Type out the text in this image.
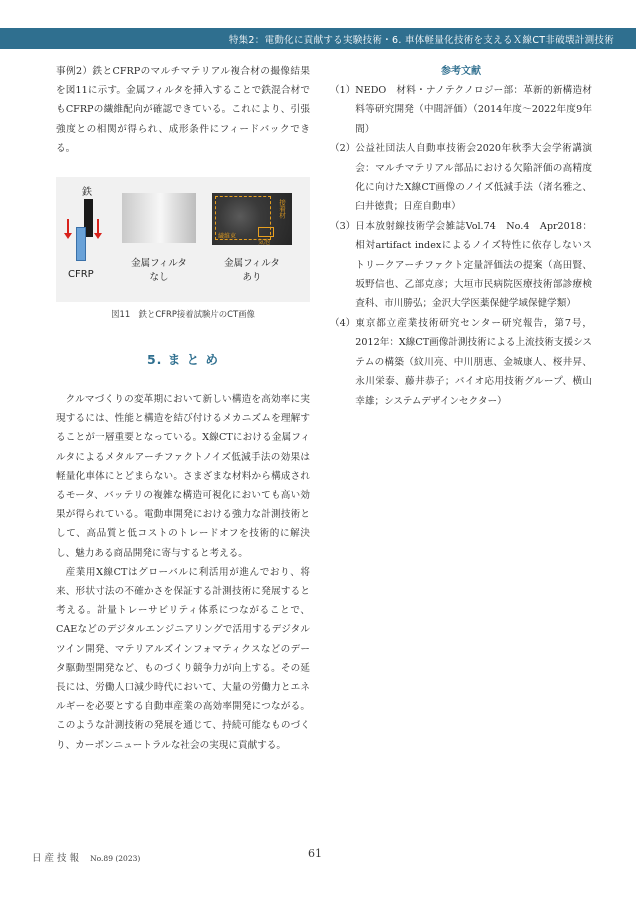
特集2：電動化に貢献する実験技術・6. 車体軽量化技術を支えるＸ線CT非破壊計測技術

事例2）鉄とCFRPのマルチマテリアル複合材の撮像結果を図11に示す。金属フィルタを挿入することで鉄混合材でもCFRPの繊維配向が確認できている。これにより、引張強度との相関が得られ、成形条件にフィードバックできる。

鉄
CFRP
金属フィルタ
なし
繊維束
気泡
接着材
金属フィルタ
あり

図11　鉄とCFRP接着試験片のCT画像

5. ま と め

クルマづくりの変革期において新しい構造を高効率に実現するには、性能と構造を結び付けるメカニズムを理解することが一層重要となっている。X線CTにおける金属フィルタによるメタルアーチファクトノイズ低減手法の効果は軽量化車体にとどまらない。さまざまな材料から構成されるモータ、バッテリの複雑な構造可視化においても高い効果が得られている。電動車開発における強力な計測技術として、高品質と低コストのトレードオフを技術的に解決し、魅力ある商品開発に寄与すると考える。

産業用X線CTはグローバルに利活用が進んでおり、将来、形状寸法の不確かさを保証する計測技術に発展すると考える。計量トレーサビリティ体系につながることで、CAEなどのデジタルエンジニアリングで活用するデジタルツイン開発、マテリアルズインフォマティクスなどのデータ駆動型開発など、ものづくり競争力が向上する。その延長には、労働人口減少時代において、大量の労働力とエネルギーを必要とする自動車産業の高効率開発につながる。このような計測技術の発展を通じて、持続可能なものづくり、カーボンニュートラルな社会の実現に貢献する。

参考文献
（1） NEDO　材料・ナノテクノロジー部：革新的新構造材料等研究開発（中間評価）（2014年度～2022年度9年間）
（2） 公益社団法人自動車技術会2020年秋季大会学術講演会：マルチマテリアル部品における欠陥評価の高精度化に向けたX線CT画像のノイズ低減手法（渚名雅之、臼井徳貴；日産自動車）
（3） 日本放射線技術学会雑誌Vol.74　No.4　Apr2018：相対artifact indexによるノイズ特性に依存しないストリークアーチファクト定量評価法の提案（高田賢、坂野信也、乙部克彦；大垣市民病院医療技術部診療検査科、市川勝弘；金沢大学医薬保健学域保健学類）
（4） 東京都立産業技術研究センター研究報告，第7号，2012年：X線CT画像計測技術による上流技術支援システムの構築（紋川亮、中川朋恵、金城康人、桜井昇、永川栄泰、藤井恭子；バイオ応用技術グループ、横山幸雄；システムデザインセクター）
日 産 技 報 No.89 (2023)	61
